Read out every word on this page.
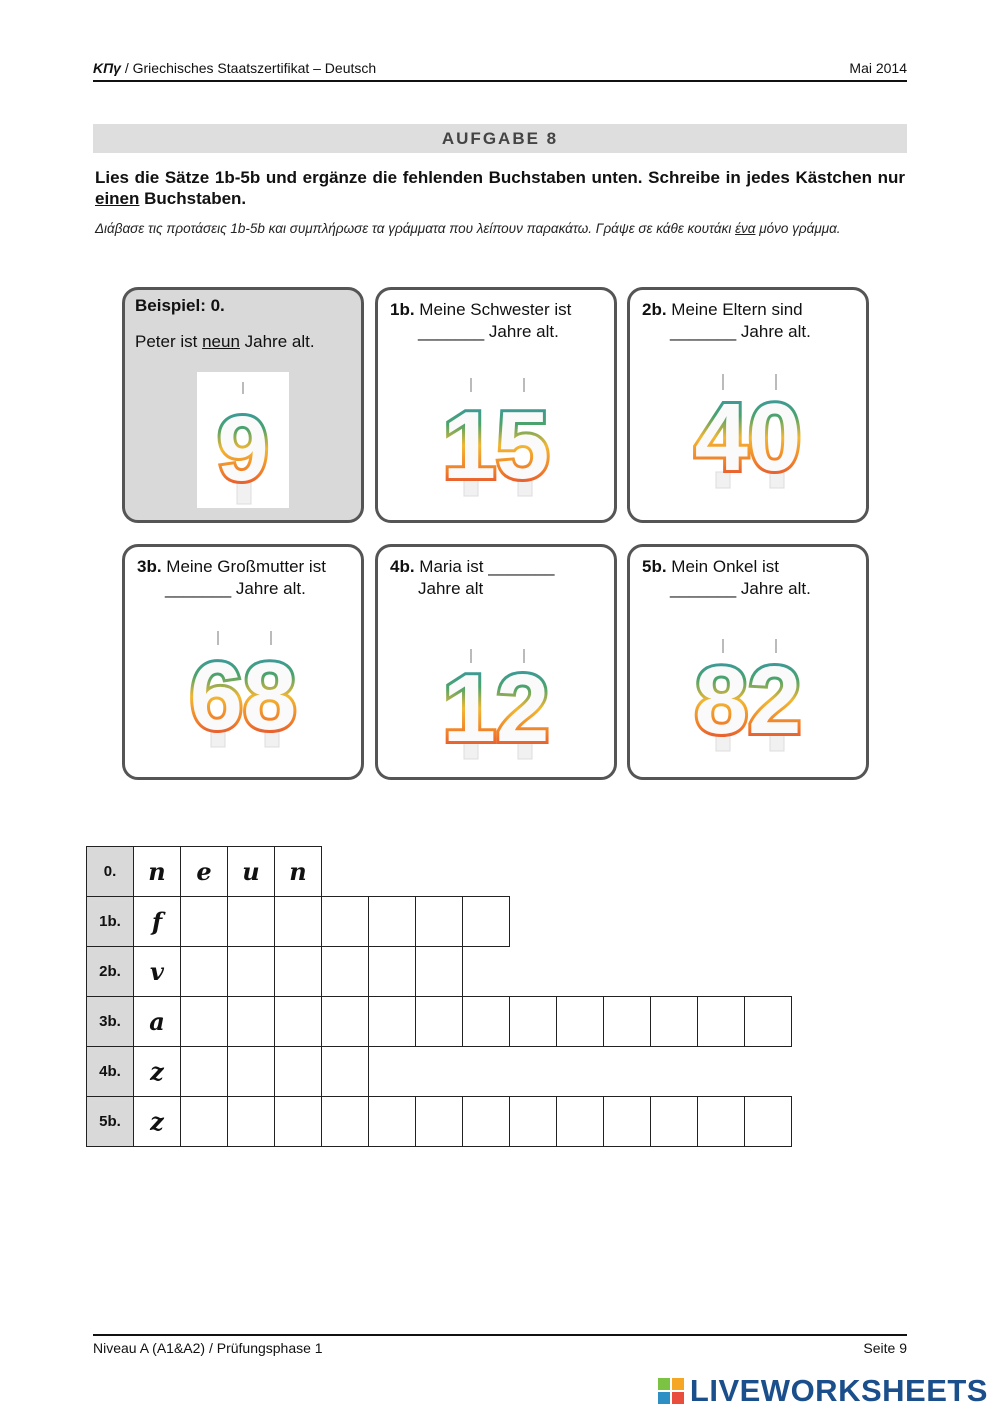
ΚΠγ / Griechisches Staatszertifikat – Deutsch	Mai 2014
AUFGABE 8
Lies die Sätze 1b-5b und ergänze die fehlenden Buchstaben unten. Schreibe in jedes Kästchen nur einen Buchstaben.
Διάβασε τις προτάσεις 1b-5b και συμπλήρωσε τα γράμματα που λείπουν παρακάτω. Γράψε σε κάθε κουτάκι ένα μόνο γράμμα.
Beispiel: 0.
Peter ist neun Jahre alt.
9
1b. Meine Schwester ist
_______ Jahre alt.
15
2b. Meine Eltern sind
_______ Jahre alt.
40
3b. Meine Großmutter ist
_______ Jahre alt.
68
4b. Maria ist _______
Jahre alt
12
5b. Mein Onkel ist
_______ Jahre alt.
82
0.	n	e	u	n										
1b.	f													
2b.	v													
3b.	a													
4b.	z													
5b.	z													
Niveau A (A1&A2) / Prüfungsphase 1	Seite 9
LIVEWORKSHEETS
